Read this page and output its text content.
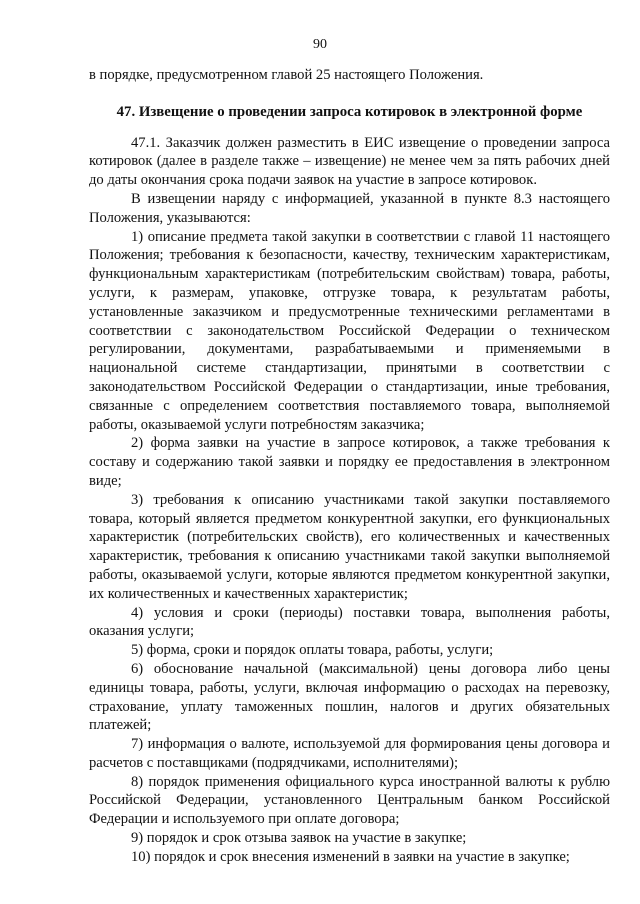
90

в порядке, предусмотренном главой 25 настоящего Положения.

47. Извещение о проведении запроса котировок в электронной форме

47.1. Заказчик должен разместить в ЕИС извещение о проведении запроса котировок (далее в разделе также – извещение) не менее чем за пять рабочих дней до даты окончания срока подачи заявок на участие в запросе котировок.

В извещении наряду с информацией, указанной в пункте 8.3 настоящего Положения, указываются:

1) описание предмета такой закупки в соответствии с главой 11 настоящего Положения; требования к безопасности, качеству, техническим характеристикам, функциональным характеристикам (потребительским свойствам) товара, работы, услуги, к размерам, упаковке, отгрузке товара, к результатам работы, установленные заказчиком и предусмотренные техническими регламентами в соответствии с законодательством Российской Федерации о техническом регулировании, документами, разрабатываемыми и применяемыми в национальной системе стандартизации, принятыми в соответствии с законодательством Российской Федерации о стандартизации, иные требования, связанные с определением соответствия поставляемого товара, выполняемой работы, оказываемой услуги потребностям заказчика;

2) форма заявки на участие в запросе котировок, а также требования к составу и содержанию такой заявки и порядку ее предоставления в электронном виде;

3) требования к описанию участниками такой закупки поставляемого товара, который является предметом конкурентной закупки, его функциональных характеристик (потребительских свойств), его количественных и качественных характеристик, требования к описанию участниками такой закупки выполняемой работы, оказываемой услуги, которые являются предметом конкурентной закупки, их количественных и качественных характеристик;

4) условия и сроки (периоды) поставки товара, выполнения работы, оказания услуги;

5) форма, сроки и порядок оплаты товара, работы, услуги;

6) обоснование начальной (максимальной) цены договора либо цены единицы товара, работы, услуги, включая информацию о расходах на перевозку, страхование, уплату таможенных пошлин, налогов и других обязательных платежей;

7) информация о валюте, используемой для формирования цены договора и расчетов с поставщиками (подрядчиками, исполнителями);

8) порядок применения официального курса иностранной валюты к рублю Российской Федерации, установленного Центральным банком Российской Федерации и используемого при оплате договора;

9) порядок и срок отзыва заявок на участие в закупке;

10) порядок и срок внесения изменений в заявки на участие в закупке;
